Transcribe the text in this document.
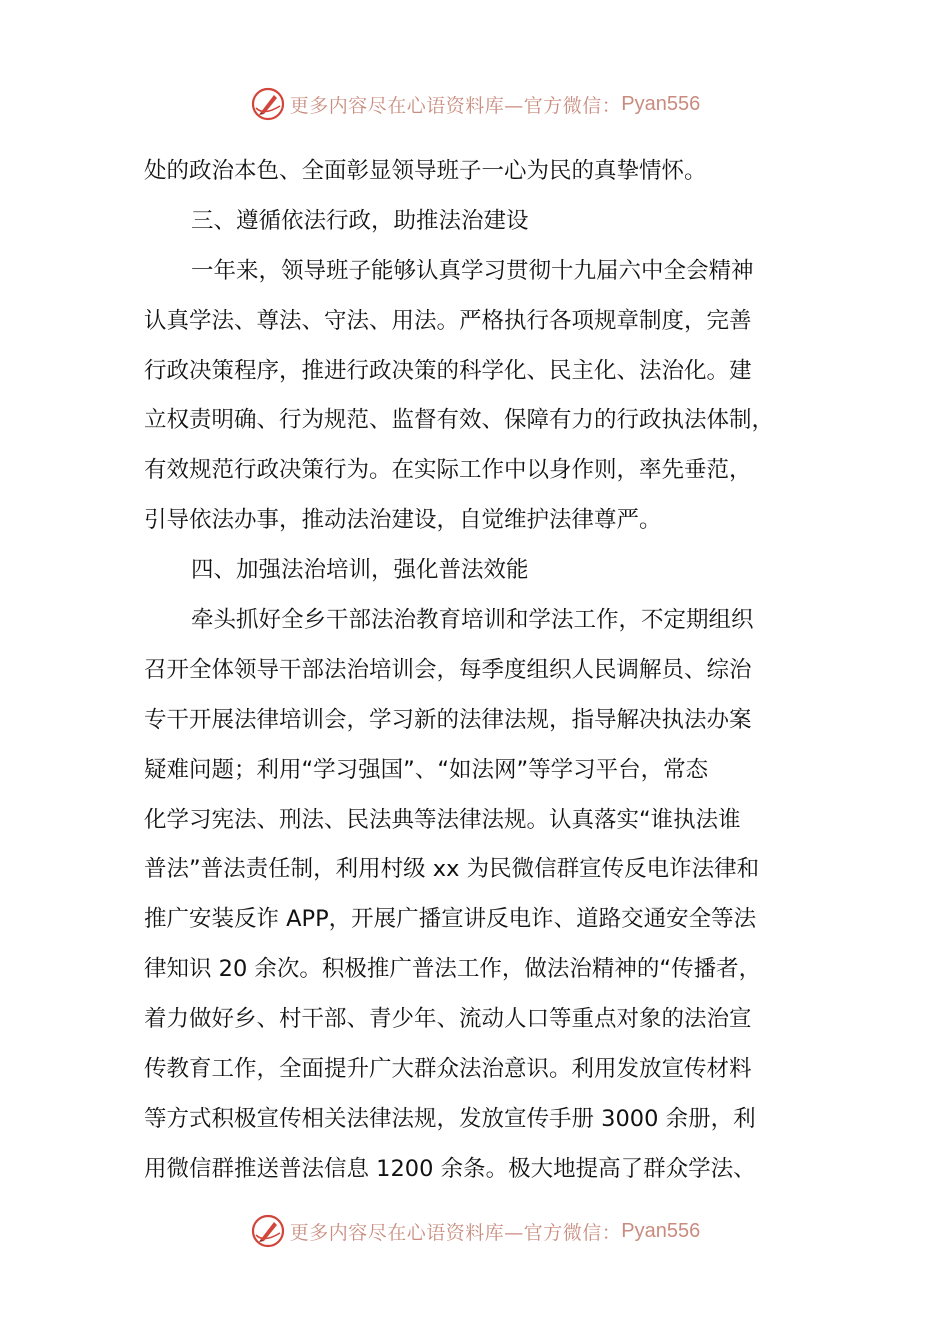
更多内容尽在心语资料库—官方微信： Pyan556
处的政治本色、全面彰显领导班子一心为民的真挚情怀。
三、遵循依法行政，助推法治建设
一年来，领导班子能够认真学习贯彻十九届六中全会精神
认真学法、尊法、守法、用法。严格执行各项规章制度，完善
行政决策程序，推进行政决策的科学化、民主化、法治化。建
立权责明确、行为规范、监督有效、保障有力的行政执法体制，
有效规范行政决策行为。在实际工作中以身作则，率先垂范，
引导依法办事，推动法治建设，自觉维护法律尊严。
四、加强法治培训，强化普法效能
牵头抓好全乡干部法治教育培训和学法工作，不定期组织
召开全体领导干部法治培训会，每季度组织人民调解员、综治
专干开展法律培训会，学习新的法律法规，指导解决执法办案
疑难问题；利用“学习强国”、“如法网”等学习平台，常态
化学习宪法、刑法、民法典等法律法规。认真落实“谁执法谁
普法”普法责任制，利用村级 xx 为民微信群宣传反电诈法律和
推广安装反诈 APP，开展广播宣讲反电诈、道路交通安全等法
律知识 20 余次。积极推广普法工作，做法治精神的“传播者，
着力做好乡、村干部、青少年、流动人口等重点对象的法治宣
传教育工作，全面提升广大群众法治意识。利用发放宣传材料
等方式积极宣传相关法律法规，发放宣传手册 3000 余册，利
用微信群推送普法信息 1200 余条。极大地提高了群众学法、
更多内容尽在心语资料库—官方微信： Pyan556
